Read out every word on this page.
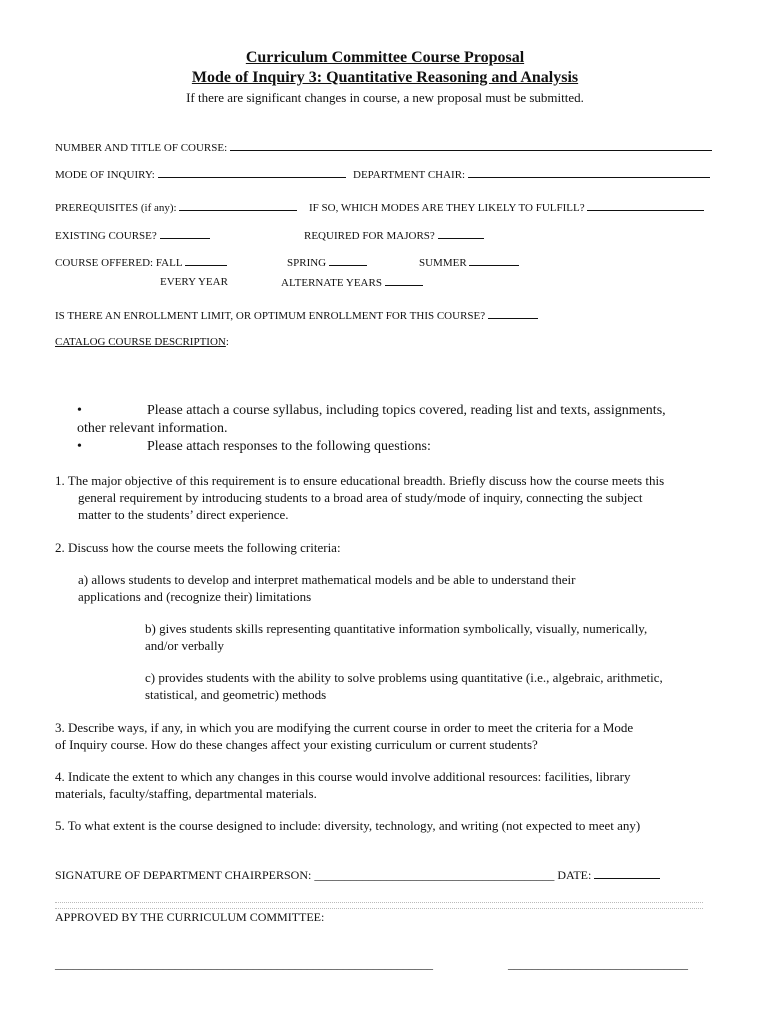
Curriculum Committee Course Proposal
Mode of Inquiry 3: Quantitative Reasoning and Analysis
If there are significant changes in course, a new proposal must be submitted.
NUMBER AND TITLE OF COURSE:
MODE OF INQUIRY:	DEPARTMENT CHAIR:
PREREQUISITES (if any):	IF SO, WHICH MODES ARE THEY LIKELY TO FULFILL?
EXISTING COURSE?	REQUIRED FOR MAJORS?
COURSE OFFERED: FALL	SPRING	SUMMER
EVERY YEAR	ALTERNATE YEARS
IS THERE AN ENROLLMENT LIMIT, OR OPTIMUM ENROLLMENT FOR THIS COURSE?
CATALOG COURSE DESCRIPTION:
•	Please attach a course syllabus, including topics covered, reading list and texts, assignments,
other relevant information.
•	Please attach responses to the following questions:
1. The major objective of this requirement is to ensure educational breadth. Briefly discuss how the course meets this
general requirement by introducing students to a broad area of study/mode of inquiry, connecting the subject
matter to the students’ direct experience.
2. Discuss how the course meets the following criteria:
a) allows students to develop and interpret mathematical models and be able to understand their
applications and (recognize their) limitations
b) gives students skills representing quantitative information symbolically, visually, numerically,
and/or verbally
c) provides students with the ability to solve problems using quantitative (i.e., algebraic, arithmetic,
statistical, and geometric) methods
3. Describe ways, if any, in which you are modifying the current course in order to meet the criteria for a Mode
of Inquiry course. How do these changes affect your existing curriculum or current students?
4. Indicate the extent to which any changes in this course would involve additional resources: facilities, library
materials, faculty/staffing, departmental materials.
5. To what extent is the course designed to include: diversity, technology, and writing (not expected to meet any)
SIGNATURE OF DEPARTMENT CHAIRPERSON: ________________________________________ DATE:
APPROVED BY THE CURRICULUM COMMITTEE:
_______________________________________________________________	______________________________
